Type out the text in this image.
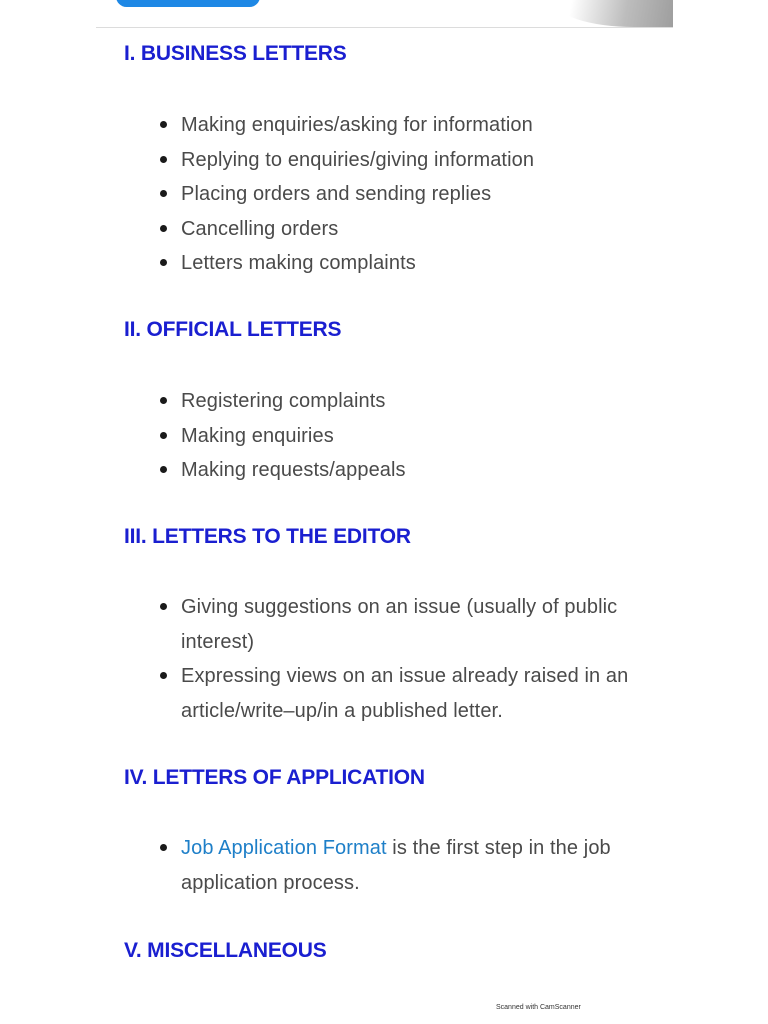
I. BUSINESS LETTERS
Making enquiries/asking for information
Replying to enquiries/giving information
Placing orders and sending replies
Cancelling orders
Letters making complaints
II. OFFICIAL LETTERS
Registering complaints
Making enquiries
Making requests/appeals
III. LETTERS TO THE EDITOR
Giving suggestions on an issue (usually of public interest)
Expressing views on an issue already raised in an article/write–up/in a published letter.
IV. LETTERS OF APPLICATION
Job Application Format is the first step in the job application process.
V. MISCELLANEOUS
Scanned with CamScanner
